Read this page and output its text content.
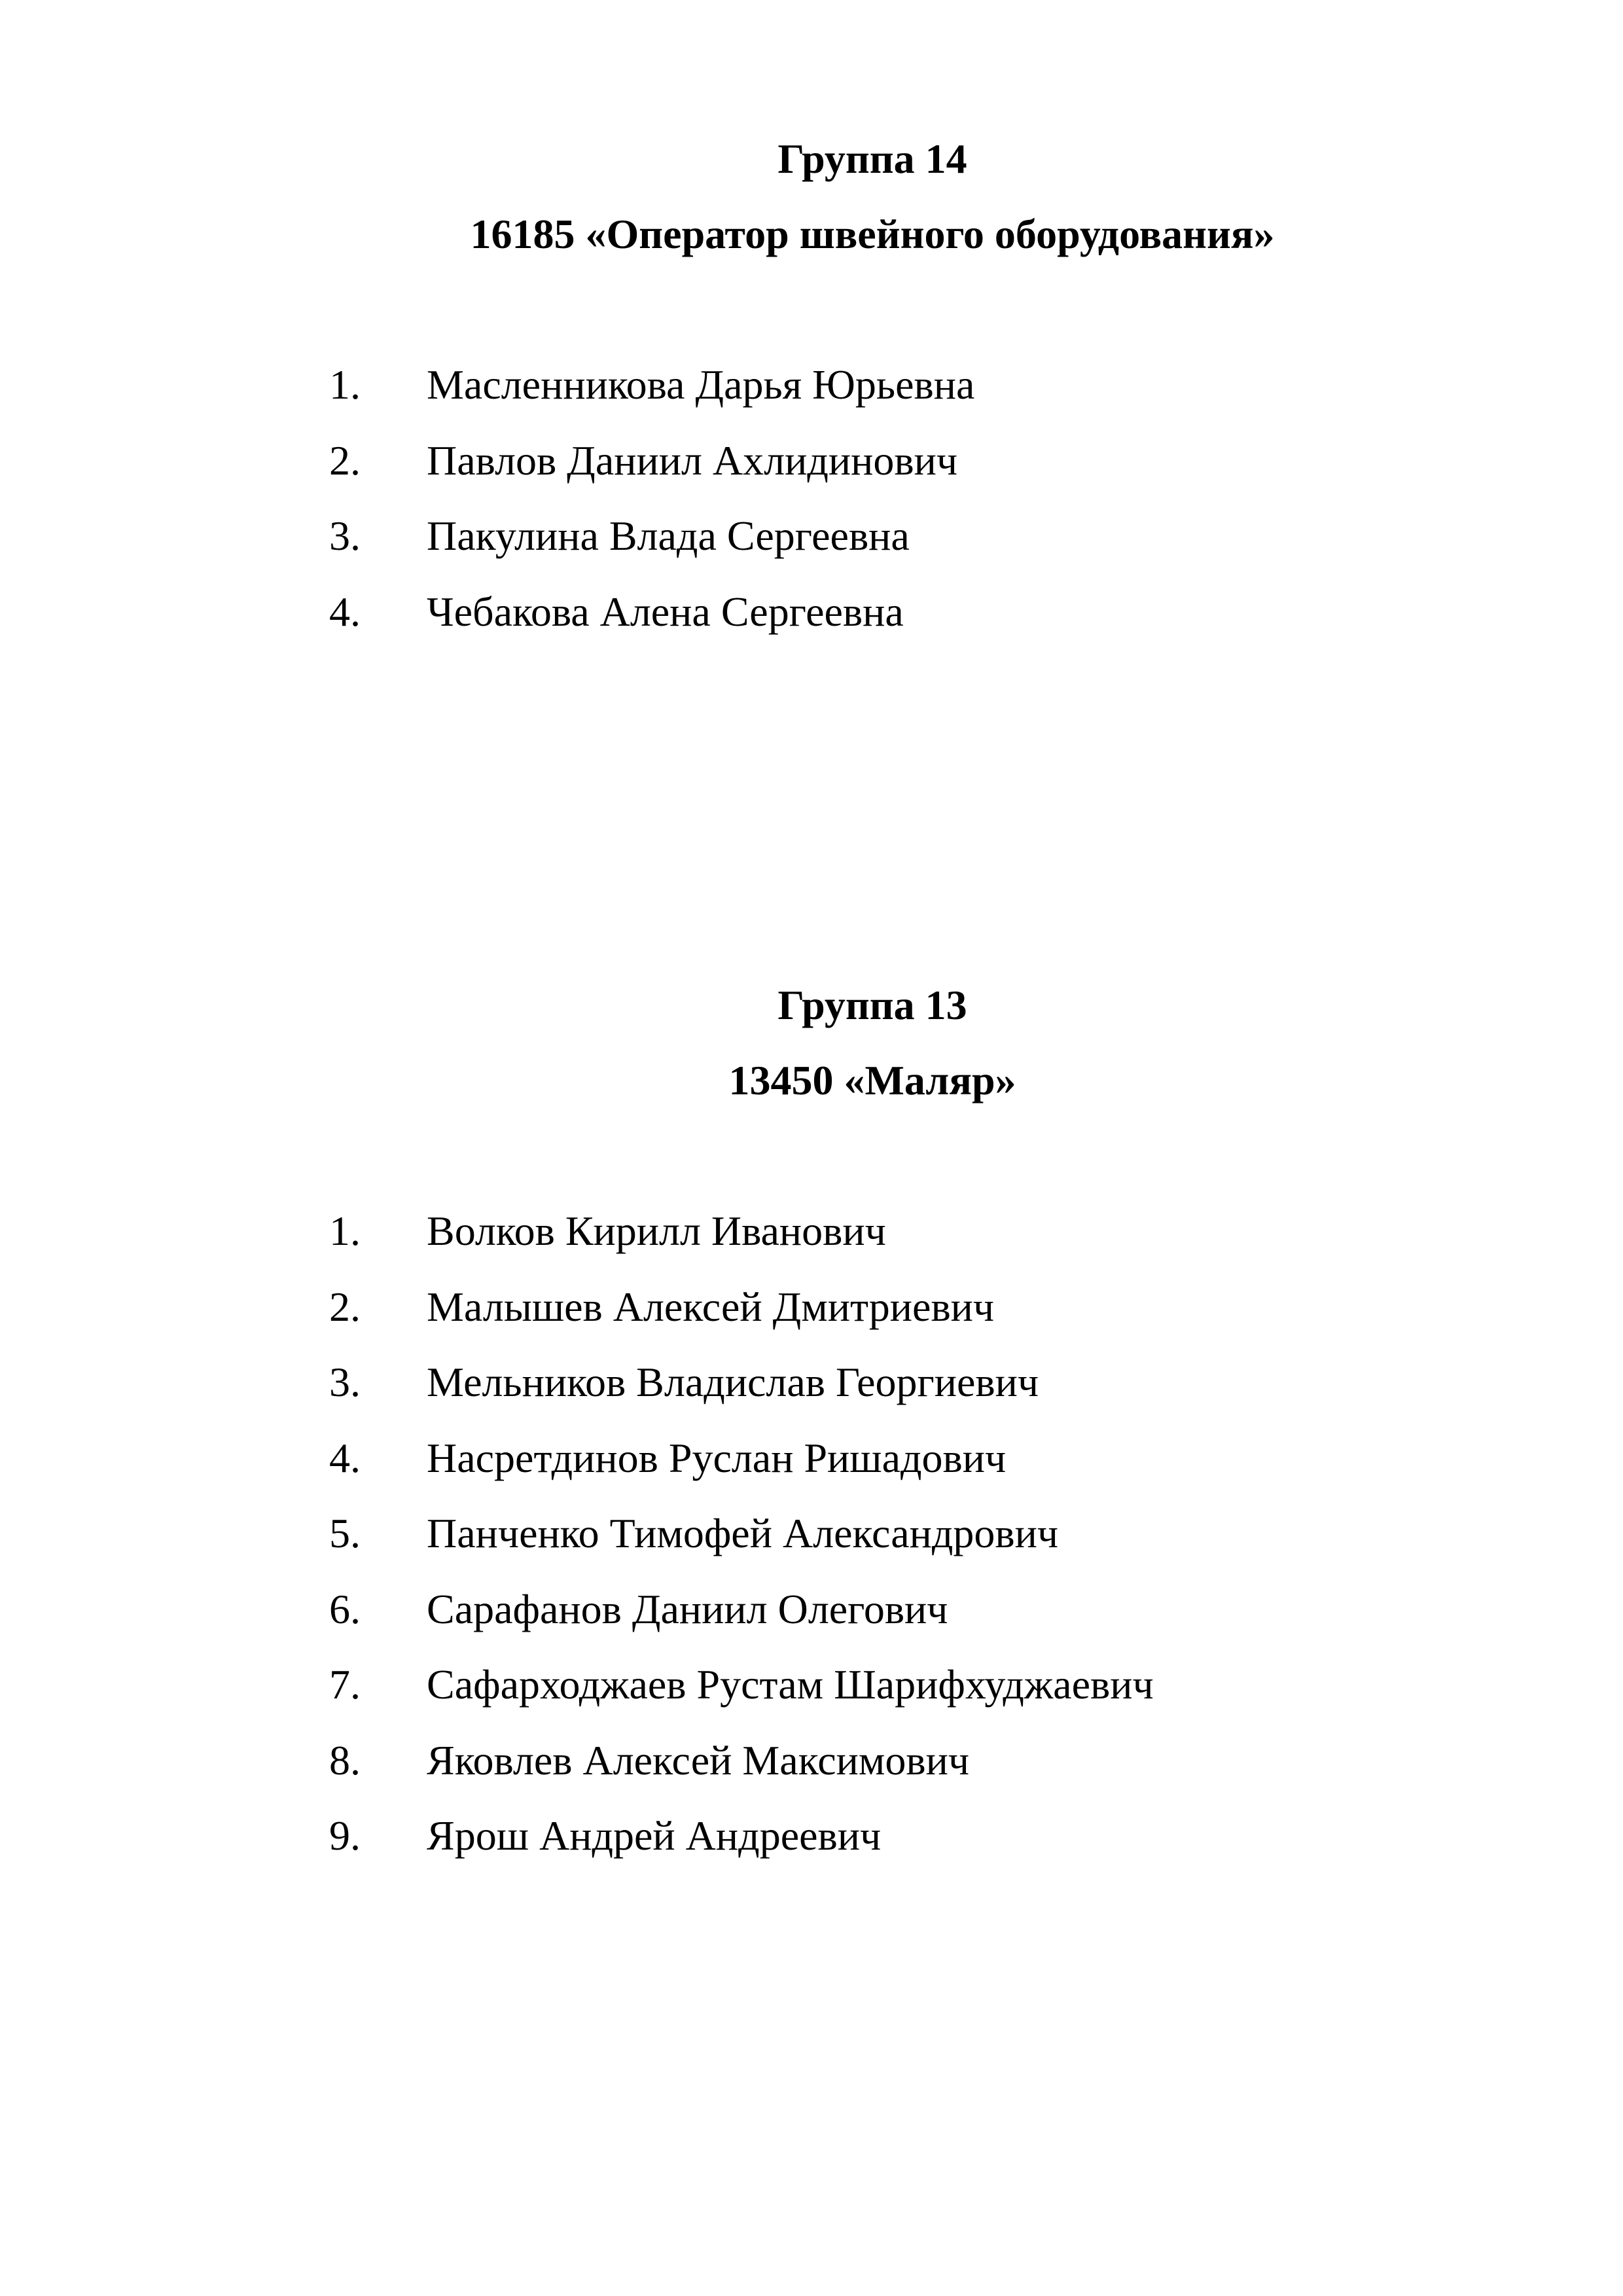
Группа 14
16185 «Оператор швейного оборудования»
1. Масленникова Дарья Юрьевна
2. Павлов Даниил Ахлидинович
3. Пакулина Влада Сергеевна
4. Чебакова Алена Сергеевна
Группа 13
13450 «Маляр»
1. Волков Кирилл Иванович
2. Малышев Алексей Дмитриевич
3. Мельников Владислав Георгиевич
4. Насретдинов Руслан Ришадович
5. Панченко Тимофей Александрович
6. Сарафанов Даниил Олегович
7. Сафарходжаев Рустам Шарифхуджаевич
8. Яковлев Алексей Максимович
9. Ярош Андрей Андреевич
